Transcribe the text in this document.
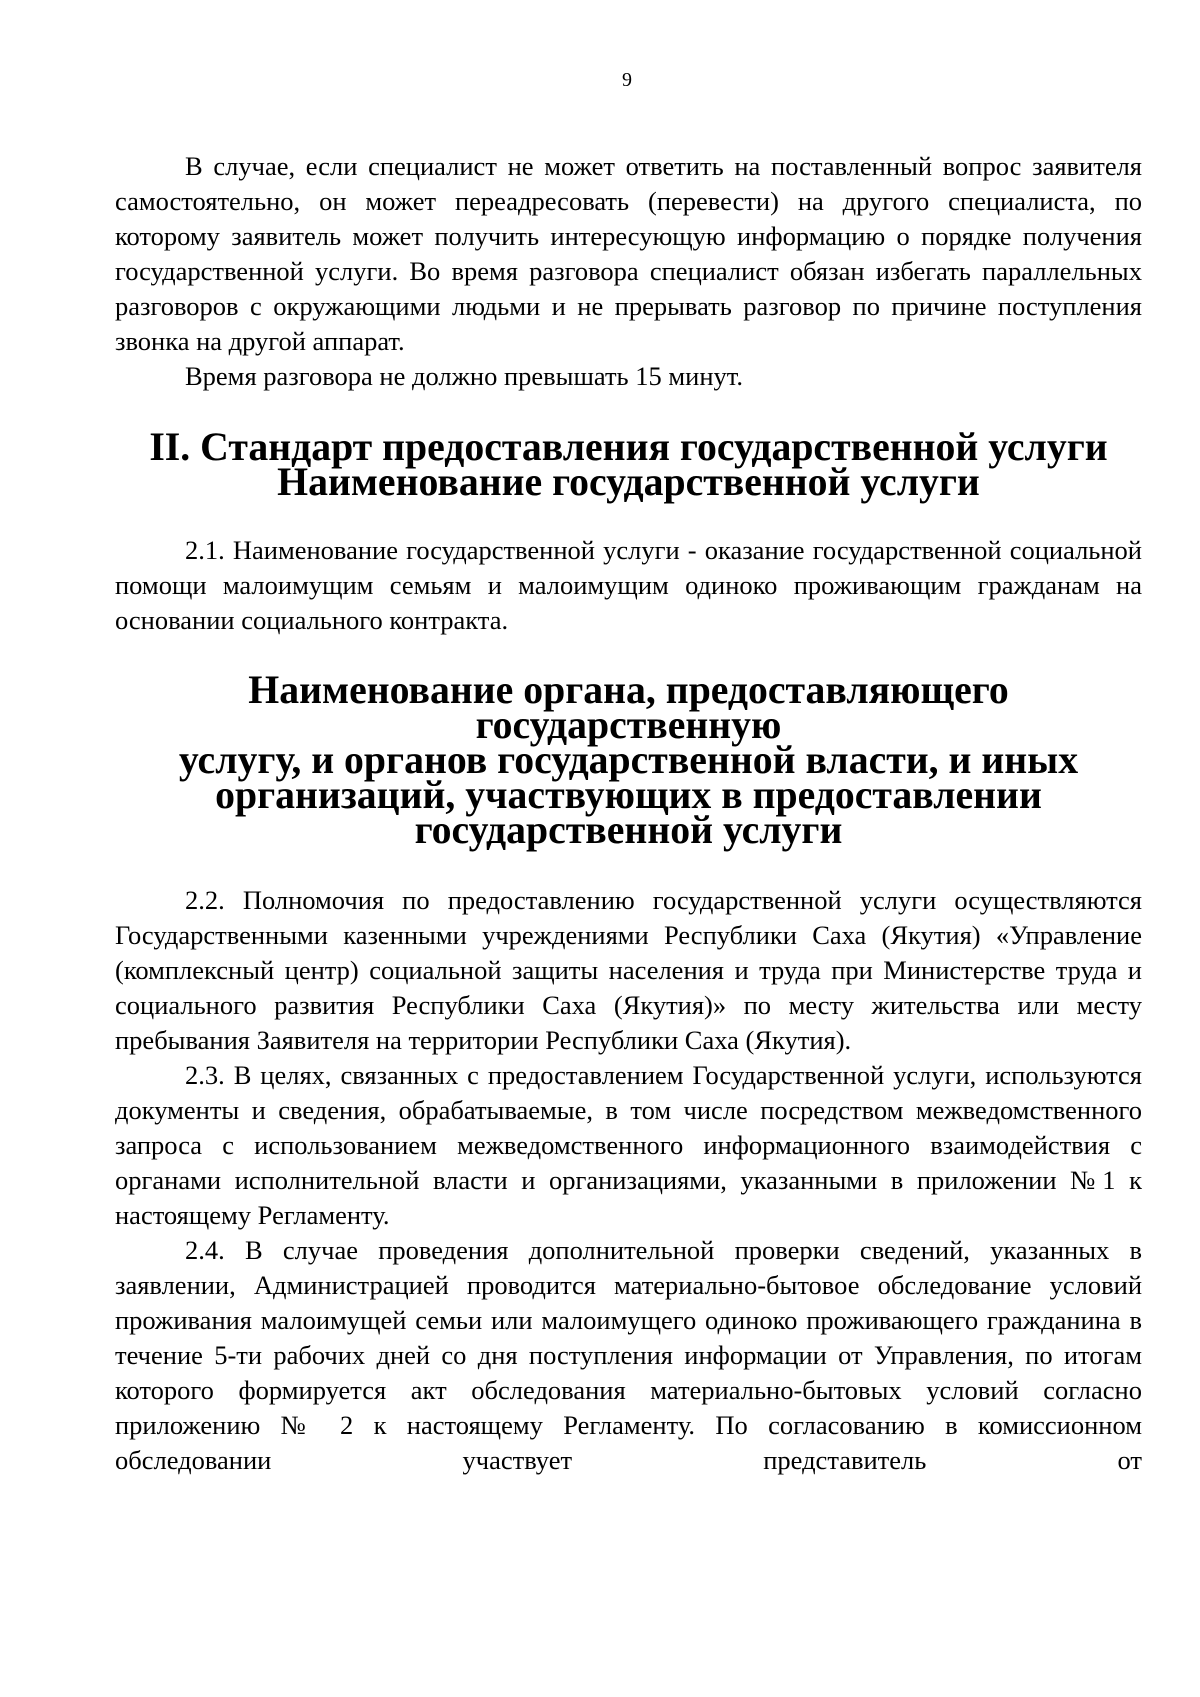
9

В случае, если специалист не может ответить на поставленный вопрос заявителя самостоятельно, он может переадресовать (перевести) на другого специалиста, по которому заявитель может получить интересующую информацию о порядке получения государственной услуги. Во время разговора специалист обязан избегать параллельных разговоров с окружающими людьми и не прерывать разговор по причине поступления звонка на другой аппарат.

Время разговора не должно превышать 15 минут.

II. Стандарт предоставления государственной услуги
Наименование государственной услуги

2.1. Наименование государственной услуги - оказание государственной социальной помощи малоимущим семьям и малоимущим одиноко проживающим гражданам на основании социального контракта.

Наименование органа, предоставляющего государственную
услугу, и органов государственной власти, и иных
организаций, участвующих в предоставлении
государственной услуги

2.2. Полномочия по предоставлению государственной услуги осуществляются Государственными казенными учреждениями Республики Саха (Якутия) «Управление (комплексный центр) социальной защиты населения и труда при Министерстве труда и социального развития Республики Саха (Якутия)» по месту жительства или месту пребывания Заявителя на территории Республики Саха (Якутия).

2.3. В целях, связанных с предоставлением Государственной услуги, используются документы и сведения, обрабатываемые, в том числе посредством межведомственного запроса с использованием межведомственного информационного взаимодействия с органами исполнительной власти и организациями, указанными в приложении №1 к настоящему Регламенту.

2.4. В случае проведения дополнительной проверки сведений, указанных в заявлении, Администрацией проводится материально-бытовое обследование условий проживания малоимущей семьи или малоимущего одиноко проживающего гражданина в течение 5-ти рабочих дней со дня поступления информации от Управления, по итогам которого формируется акт обследования материально-бытовых условий согласно приложению № 2 к настоящему Регламенту. По согласованию в комиссионном обследовании участвует представитель от
